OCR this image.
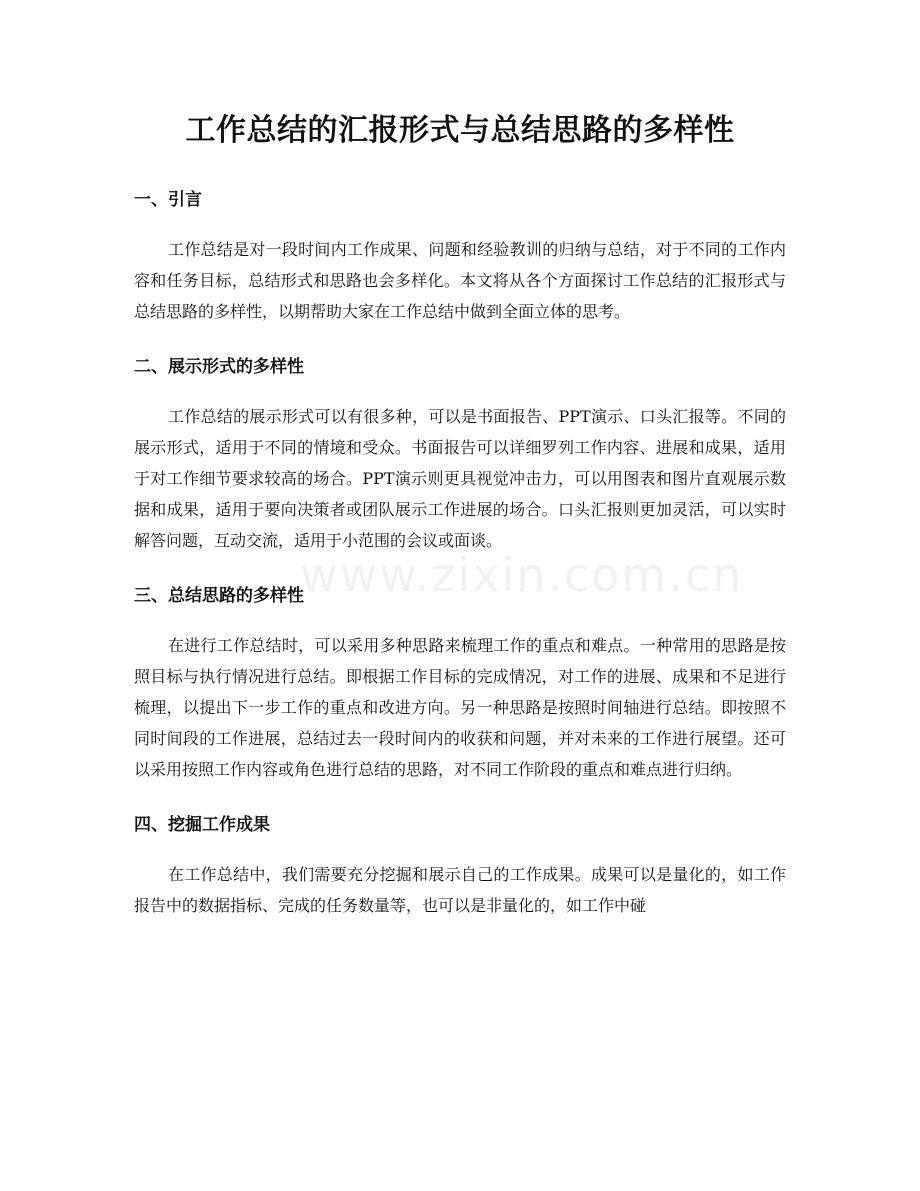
工作总结的汇报形式与总结思路的多样性
一、引言

工作总结是对一段时间内工作成果、问题和经验教训的归纳与总结，对于不同的工作内容和任务目标，总结形式和思路也会多样化。本文将从各个方面探讨工作总结的汇报形式与总结思路的多样性，以期帮助大家在工作总结中做到全面立体的思考。

二、展示形式的多样性

工作总结的展示形式可以有很多种，可以是书面报告、PPT演示、口头汇报等。不同的展示形式，适用于不同的情境和受众。书面报告可以详细罗列工作内容、进展和成果，适用于对工作细节要求较高的场合。PPT演示则更具视觉冲击力，可以用图表和图片直观展示数据和成果，适用于要向决策者或团队展示工作进展的场合。口头汇报则更加灵活，可以实时解答问题，互动交流，适用于小范围的会议或面谈。

三、总结思路的多样性

在进行工作总结时，可以采用多种思路来梳理工作的重点和难点。一种常用的思路是按照目标与执行情况进行总结。即根据工作目标的完成情况，对工作的进展、成果和不足进行梳理，以提出下一步工作的重点和改进方向。另一种思路是按照时间轴进行总结。即按照不同时间段的工作进展，总结过去一段时间内的收获和问题，并对未来的工作进行展望。还可以采用按照工作内容或角色进行总结的思路，对不同工作阶段的重点和难点进行归纳。

四、挖掘工作成果

在工作总结中，我们需要充分挖掘和展示自己的工作成果。成果可以是量化的，如工作报告中的数据指标、完成的任务数量等，也可以是非量化的，如工作中碰

www.zixin.com.cn
